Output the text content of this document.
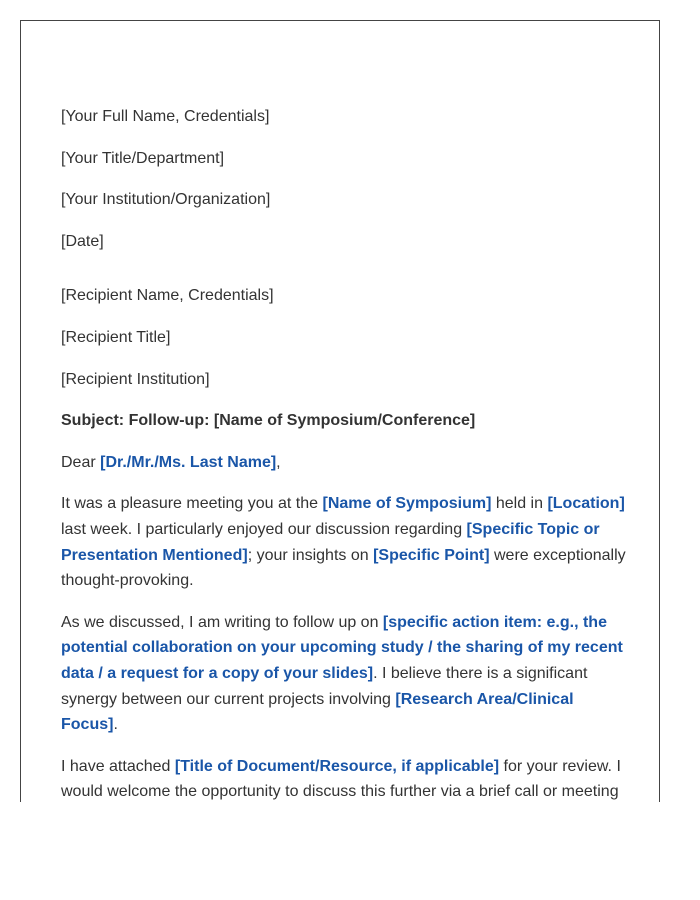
[Your Full Name, Credentials]

[Your Title/Department]

[Your Institution/Organization]

[Date]

[Recipient Name, Credentials]

[Recipient Title]

[Recipient Institution]

Subject: Follow-up: [Name of Symposium/Conference]

Dear [Dr./Mr./Ms. Last Name],

It was a pleasure meeting you at the [Name of Symposium] held in [Location] last week. I particularly enjoyed our discussion regarding [Specific Topic or Presentation Mentioned]; your insights on [Specific Point] were exceptionally thought-provoking.

As we discussed, I am writing to follow up on [specific action item: e.g., the potential collaboration on your upcoming study / the sharing of my recent data / a request for a copy of your slides]. I believe there is a significant synergy between our current projects involving [Research Area/Clinical Focus].

I have attached [Title of Document/Resource, if applicable] for your review. I would welcome the opportunity to discuss this further via a brief call or meeting
